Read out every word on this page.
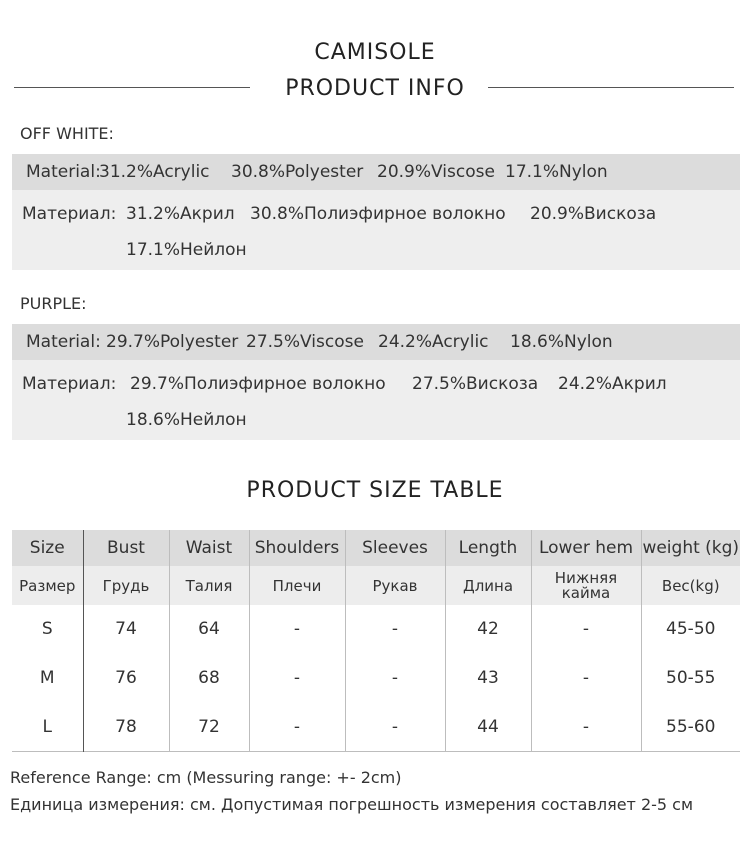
CAMISOLE
PRODUCT INFO
OFF WHITE:
Material:
31.2%Acrylic 30.8%Polyester 20.9%Viscose 17.1%Nylon
Материал: 31.2%Акрил 30.8%Полиэфирное волокно 20.9%Вискоза
17.1%Нейлон
PURPLE:
Material: 29.7%Polyester 27.5%Viscose 24.2%Acrylic 18.6%Nylon
Материал: 29.7%Полиэфирное волокно 27.5%Вискоза 24.2%Акрил
18.6%Нейлон
PRODUCT SIZE TABLE
Size	Bust	Waist	Shoulders	Sleeves	Length	Lower hem	weight (kg)
Размер	Грудь	Талия	Плечи	Рукав	Длина	Нижняя кайма	Вес(kg)
S	74	64	-	-	42	-	45-50
M	76	68	-	-	43	-	50-55
L	78	72	-	-	44	-	55-60
Reference Range: cm (Messuring range: +- 2cm)
Единица измерения: см. Допустимая погрешность измерения составляет 2-5 см
